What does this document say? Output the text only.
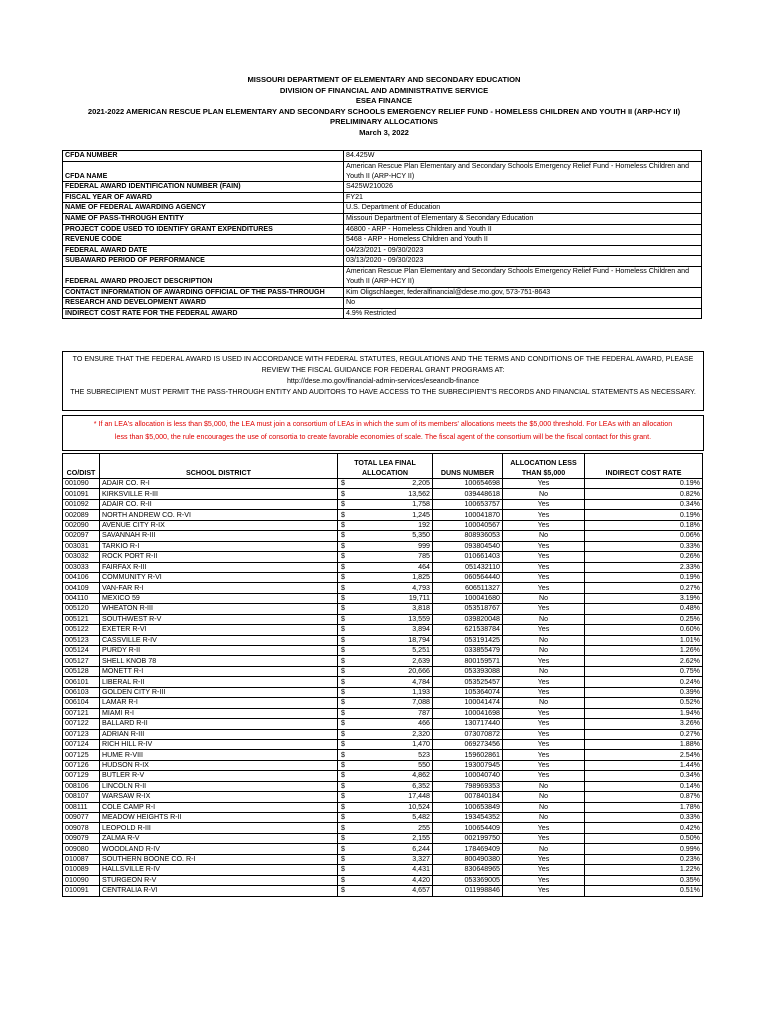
MISSOURI DEPARTMENT OF ELEMENTARY AND SECONDARY EDUCATION
DIVISION OF FINANCIAL AND ADMINISTRATIVE SERVICE
ESEA FINANCE
2021-2022 AMERICAN RESCUE PLAN ELEMENTARY AND SECONDARY SCHOOLS EMERGENCY RELIEF FUND - HOMELESS CHILDREN AND YOUTH II (ARP-HCY II)
PRELIMINARY ALLOCATIONS
March 3, 2022
CFDA NUMBER	84.425W
CFDA NAME	American Rescue Plan Elementary and Secondary Schools Emergency Relief Fund - Homeless Children and Youth II (ARP-HCY II)
FEDERAL AWARD IDENTIFICATION NUMBER (FAIN)	S425W210026
FISCAL YEAR OF AWARD	FY21
NAME OF FEDERAL AWARDING AGENCY	U.S. Department of Education
NAME OF PASS-THROUGH ENTITY	Missouri Department of Elementary & Secondary Education
PROJECT CODE USED TO IDENTIFY GRANT EXPENDITURES	46800 - ARP - Homeless Children and Youth II
REVENUE CODE	5468 - ARP - Homeless Children and Youth II
FEDERAL AWARD DATE	04/23/2021 - 09/30/2023
SUBAWARD PERIOD OF PERFORMANCE	03/13/2020 - 09/30/2023
FEDERAL AWARD PROJECT DESCRIPTION	American Rescue Plan Elementary and Secondary Schools Emergency Relief Fund - Homeless Children and Youth II (ARP-HCY II)
CONTACT INFORMATION OF AWARDING OFFICIAL OF THE PASS-THROUGH	Kim Oligschlaeger, federalfinancial@dese.mo.gov, 573-751-8643
RESEARCH AND DEVELOPMENT AWARD	No
INDIRECT COST RATE FOR THE FEDERAL AWARD	4.9% Restricted
TO ENSURE THAT THE FEDERAL AWARD IS USED IN ACCORDANCE WITH FEDERAL STATUTES, REGULATIONS AND THE TERMS AND CONDITIONS OF THE FEDERAL AWARD, PLEASE
REVIEW THE FISCAL GUIDANCE FOR FEDERAL GRANT PROGRAMS AT:
http://dese.mo.gov/financial-admin-services/eseanclb-finance
THE SUBRECIPIENT MUST PERMIT THE PASS-THROUGH ENTITY AND AUDITORS TO HAVE ACCESS TO THE SUBRECIPIENT'S RECORDS AND FINANCIAL STATEMENTS AS NECESSARY.
* If an LEA's allocation is less than $5,000, the LEA must join a consortium of LEAs in which the sum of its members' allocations meets the $5,000 threshold. For LEAs with an allocation
less than $5,000, the rule encourages the use of consortia to create favorable economies of scale. The fiscal agent of the consortium will be the fiscal contact for this grant.
CO/DIST	SCHOOL DISTRICT	TOTAL LEA FINAL ALLOCATION	DUNS NUMBER	ALLOCATION LESS THAN $5,000	INDIRECT COST RATE
001090	ADAIR CO. R-I	$ 2,205	100654698	Yes	0.19%
001091	KIRKSVILLE R-III	$ 13,562	039448618	No	0.82%
001092	ADAIR CO. R-II	$ 1,758	100653757	Yes	0.34%
002089	NORTH ANDREW CO. R-VI	$ 1,245	100041870	Yes	0.19%
002090	AVENUE CITY R-IX	$ 192	100040567	Yes	0.18%
002097	SAVANNAH R-III	$ 5,350	808936053	No	0.06%
003031	TARKIO R-I	$ 999	093804540	Yes	0.33%
003032	ROCK PORT R-II	$ 785	010661403	Yes	0.26%
003033	FAIRFAX R-III	$ 464	051432110	Yes	2.33%
004106	COMMUNITY R-VI	$ 1,825	060564440	Yes	0.19%
004109	VAN-FAR R-I	$ 4,793	606511327	Yes	0.27%
004110	MEXICO 59	$ 19,711	100041680	No	3.19%
005120	WHEATON R-III	$ 3,818	053518767	Yes	0.48%
005121	SOUTHWEST R-V	$ 13,559	039820048	No	0.25%
005122	EXETER R-VI	$ 3,894	621538784	Yes	0.60%
005123	CASSVILLE R-IV	$ 18,794	053191425	No	1.01%
005124	PURDY R-II	$ 5,251	033855479	No	1.26%
005127	SHELL KNOB 78	$ 2,639	800159571	Yes	2.62%
005128	MONETT R-I	$ 20,666	053393088	No	0.75%
006101	LIBERAL R-II	$ 4,784	053525457	Yes	0.24%
006103	GOLDEN CITY R-III	$ 1,193	105364074	Yes	0.39%
006104	LAMAR R-I	$ 7,088	100041474	No	0.52%
007121	MIAMI R-I	$ 787	100041698	Yes	1.94%
007122	BALLARD R-II	$ 466	130717440	Yes	3.26%
007123	ADRIAN R-III	$ 2,320	073070872	Yes	0.27%
007124	RICH HILL R-IV	$ 1,470	069273456	Yes	1.88%
007125	HUME R-VIII	$ 523	159602861	Yes	2.54%
007126	HUDSON R-IX	$ 550	193007945	Yes	1.44%
007129	BUTLER R-V	$ 4,862	100040740	Yes	0.34%
008106	LINCOLN R-II	$ 6,352	798969353	No	0.14%
008107	WARSAW R-IX	$ 17,448	007840184	No	0.87%
008111	COLE CAMP R-I	$ 10,524	100653849	No	1.78%
009077	MEADOW HEIGHTS R-II	$ 5,482	193454352	No	0.33%
009078	LEOPOLD R-III	$ 255	100654409	Yes	0.42%
009079	ZALMA R-V	$ 2,155	002199750	Yes	0.50%
009080	WOODLAND R-IV	$ 6,244	178469409	No	0.99%
010087	SOUTHERN BOONE CO. R-I	$ 3,327	800490380	Yes	0.23%
010089	HALLSVILLE R-IV	$ 4,431	830648965	Yes	1.22%
010090	STURGEON R-V	$ 4,420	053369005	Yes	0.35%
010091	CENTRALIA R-VI	$ 4,657	011998846	Yes	0.51%
